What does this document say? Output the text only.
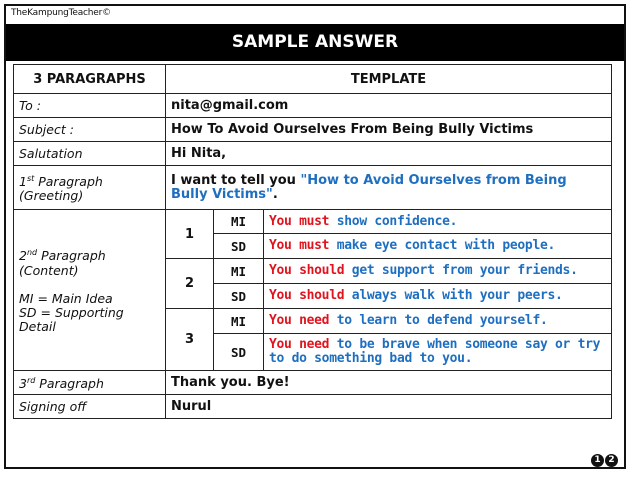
TheKampungTeacher©
SAMPLE ANSWER
3 PARAGRAPHS	TEMPLATE		
To :	nita@gmail.com		
Subject :	How To Avoid Ourselves From Being Bully Victims		
Salutation	Hi Nita,		
1st Paragraph
(Greeting)	I want to tell you "How to Avoid Ourselves from Being Bully Victims".		
2nd Paragraph
(Content)

MI = Main Idea
SD = Supporting Detail	1	MI	You must show confidence.
		SD	You must make eye contact with people.
	2	MI	You should get support from your friends.
		SD	You should always walk with your peers.
	3	MI	You need to learn to defend yourself.
		SD	You need to be brave when someone say or try to do something bad to you.
3rd Paragraph	Thank you. Bye!		
Signing off	Nurul		
1 2
